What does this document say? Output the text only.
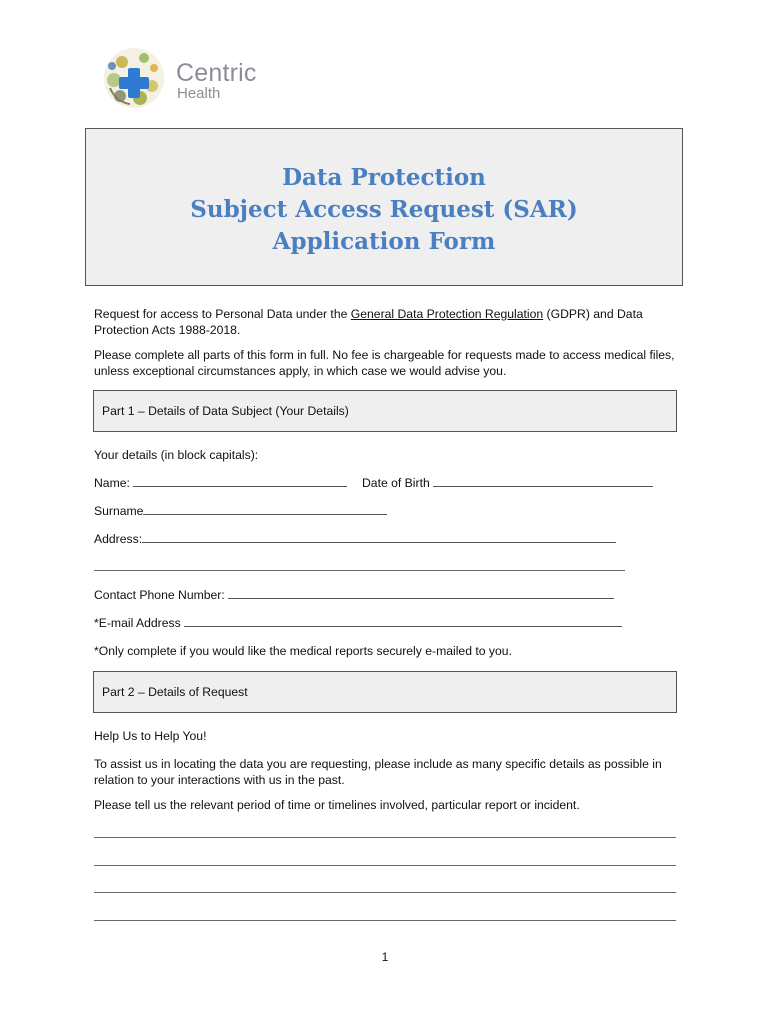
Centric
Health
Data Protection
Subject Access Request (SAR)
Application Form
Request for access to Personal Data under the General Data Protection Regulation (GDPR) and Data Protection Acts 1988-2018.
Please complete all parts of this form in full. No fee is chargeable for requests made to access medical files, unless exceptional circumstances apply, in which case we would advise you.
Part 1 – Details of Data Subject (Your Details)
Your details (in block capitals):
Name:	Date of Birth
Surname
Address:
Contact Phone Number:
*E-mail Address
*Only complete if you would like the medical reports securely e-mailed to you.
Part 2 – Details of Request
Help Us to Help You!
To assist us in locating the data you are requesting, please include as many specific details as possible in relation to your interactions with us in the past.
Please tell us the relevant period of time or timelines involved, particular report or incident.
1
